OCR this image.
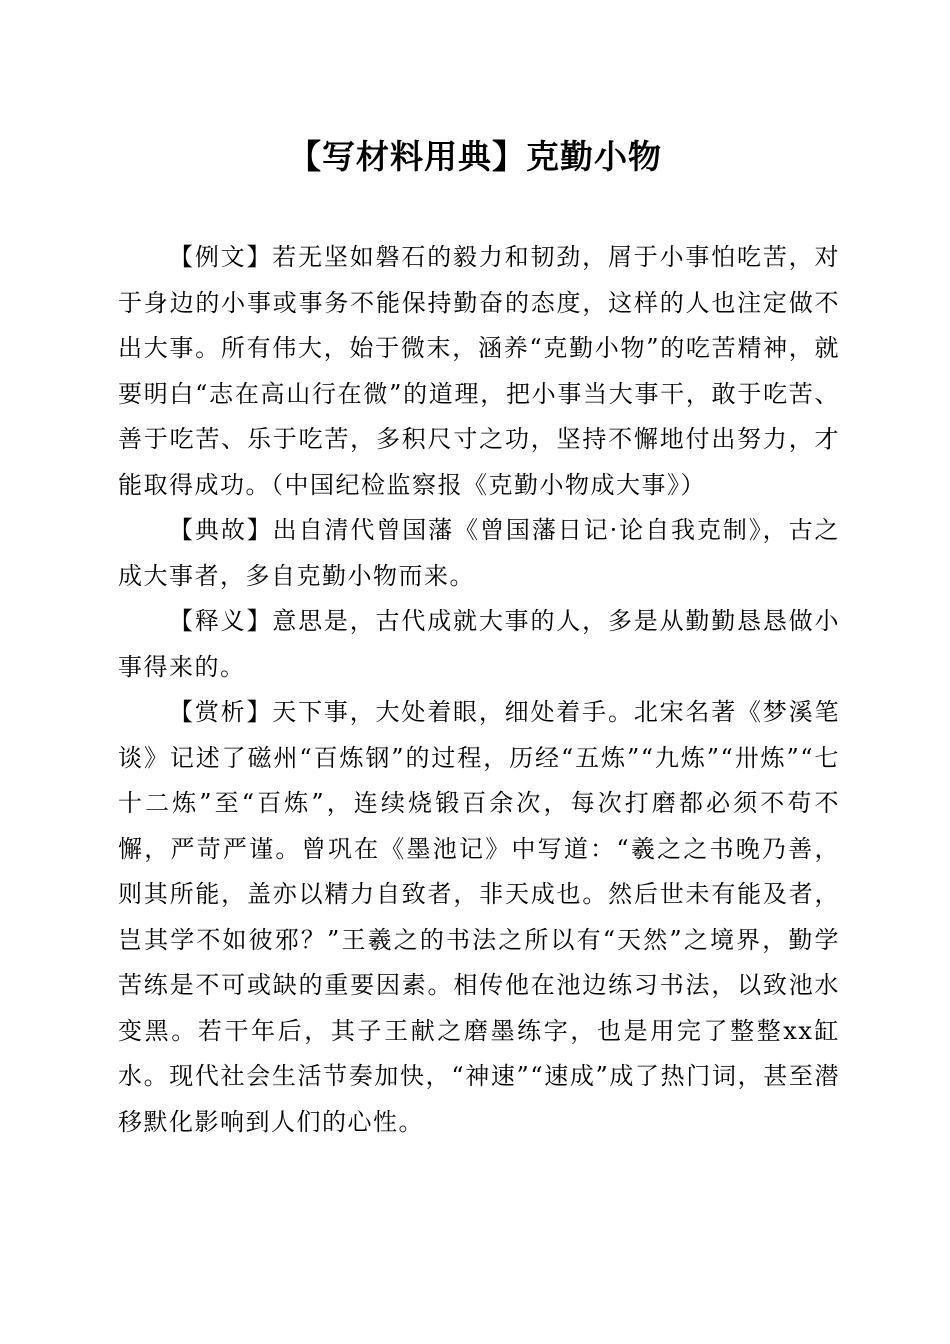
【写材料用典】克勤小物

【例文】若无坚如磐石的毅力和韧劲，屑于小事怕吃苦，对于身边的小事或事务不能保持勤奋的态度，这样的人也注定做不出大事。所有伟大，始于微末，涵养“克勤小物”的吃苦精神，就要明白“志在高山行在微”的道理，把小事当大事干，敢于吃苦、善于吃苦、乐于吃苦，多积尺寸之功，坚持不懈地付出努力，才能取得成功。（中国纪检监察报《克勤小物成大事》）

【典故】出自清代曾国藩《曾国藩日记·论自我克制》，古之成大事者，多自克勤小物而来。

【释义】意思是，古代成就大事的人，多是从勤勤恳恳做小事得来的。

【赏析】天下事，大处着眼，细处着手。北宋名著《梦溪笔谈》记述了磁州“百炼钢”的过程，历经“五炼”“九炼”“卅炼”“七十二炼”至“百炼”，连续烧锻百余次，每次打磨都必须不苟不懈，严苛严谨。曾巩在《墨池记》中写道：“羲之之书晚乃善，则其所能，盖亦以精力自致者，非天成也。然后世未有能及者，岂其学不如彼邪？”王羲之的书法之所以有“天然”之境界，勤学苦练是不可或缺的重要因素。相传他在池边练习书法，以致池水变黑。若干年后，其子王献之磨墨练字，也是用完了整整xx缸水。现代社会生活节奏加快，“神速”“速成”成了热门词，甚至潜移默化影响到人们的心性。
